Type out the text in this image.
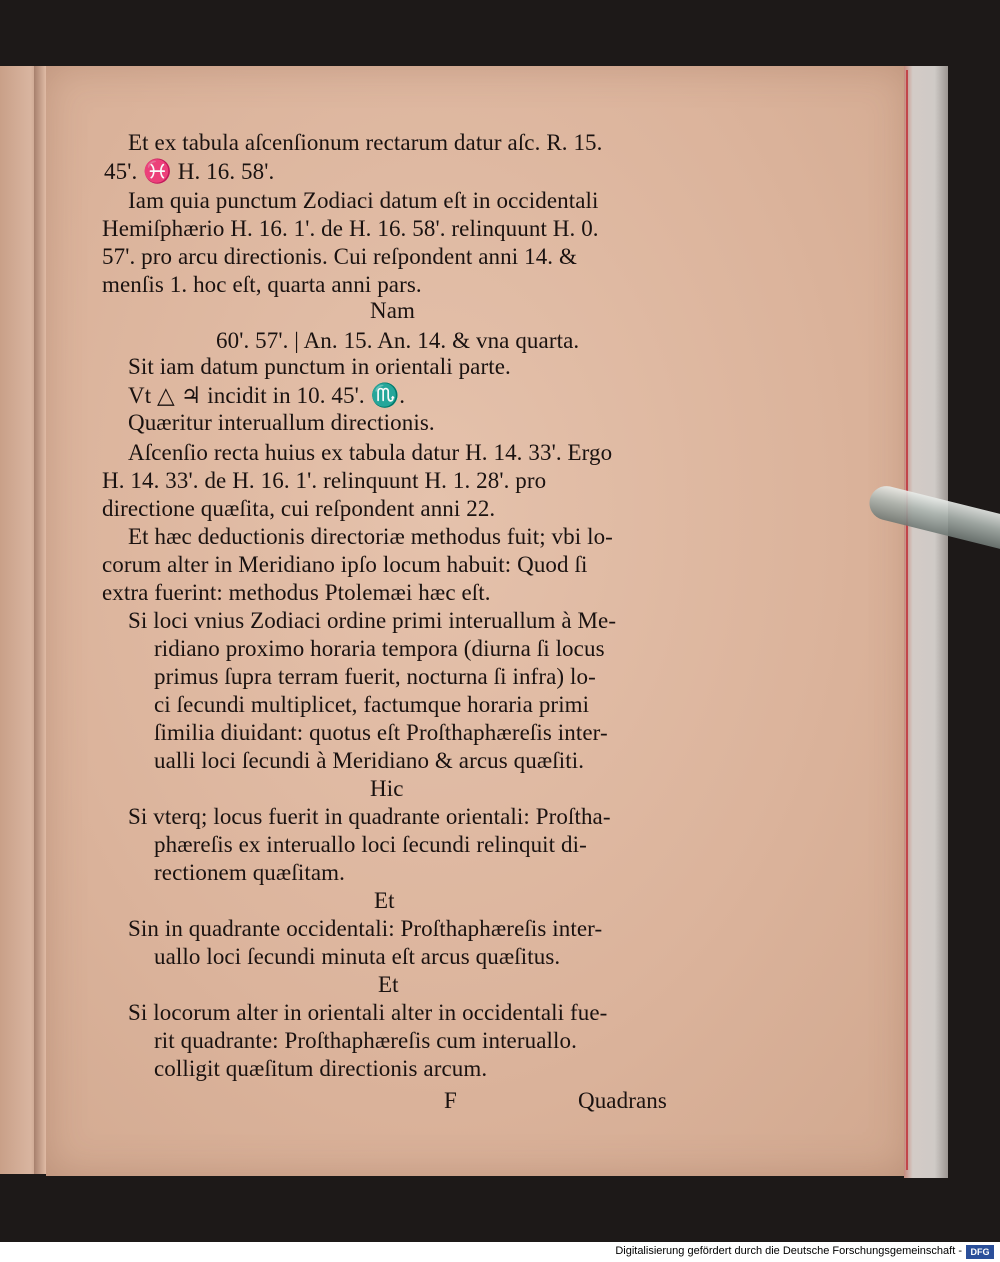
Et ex tabula aſcenſionum rectarum datur aſc. R. 15.
45'. ♓ H. 16. 58'.
Iam quia punctum Zodiaci datum eſt in occidentali
Hemiſphærio H. 16. 1'. de H. 16. 58'. relinquunt H. 0.
57'. pro arcu directionis. Cui reſpondent anni 14. &
menſis 1. hoc eſt, quarta anni pars.
Nam
60'. 57'. | An. 15. An. 14. & vna quarta.
Sit iam datum punctum in orientali parte.
Vt △ ♃ incidit in 10. 45'. ♏.
Quæritur interuallum directionis.
Aſcenſio recta huius ex tabula datur H. 14. 33'. Ergo
H. 14. 33'. de H. 16. 1'. relinquunt H. 1. 28'. pro
directione quæſita, cui reſpondent anni 22.
Et hæc deductionis directoriæ methodus fuit; vbi lo-
corum alter in Meridiano ipſo locum habuit: Quod ſi
extra fuerint: methodus Ptolemæi hæc eſt.
Si loci vnius Zodiaci ordine primi interuallum à Me-
ridiano proximo horaria tempora (diurna ſi locus
primus ſupra terram fuerit, nocturna ſi infra) lo-
ci ſecundi multiplicet, factumque horaria primi
ſimilia diuidant: quotus eſt Proſthaphæreſis inter-
ualli loci ſecundi à Meridiano & arcus quæſiti.
Hic
Si vterq; locus fuerit in quadrante orientali: Proſtha-
phæreſis ex interuallo loci ſecundi relinquit di-
rectionem quæſitam.
Et
Sin in quadrante occidentali: Proſthaphæreſis inter-
uallo loci ſecundi minuta eſt arcus quæſitus.
Et
Si locorum alter in orientali alter in occidentali fue-
rit quadrante: Proſthaphæreſis cum interuallo.
colligit quæſitum directionis arcum.
F	Quadrans
Digitalisierung gefördert durch die Deutsche Forschungsgemeinschaft - DFG
